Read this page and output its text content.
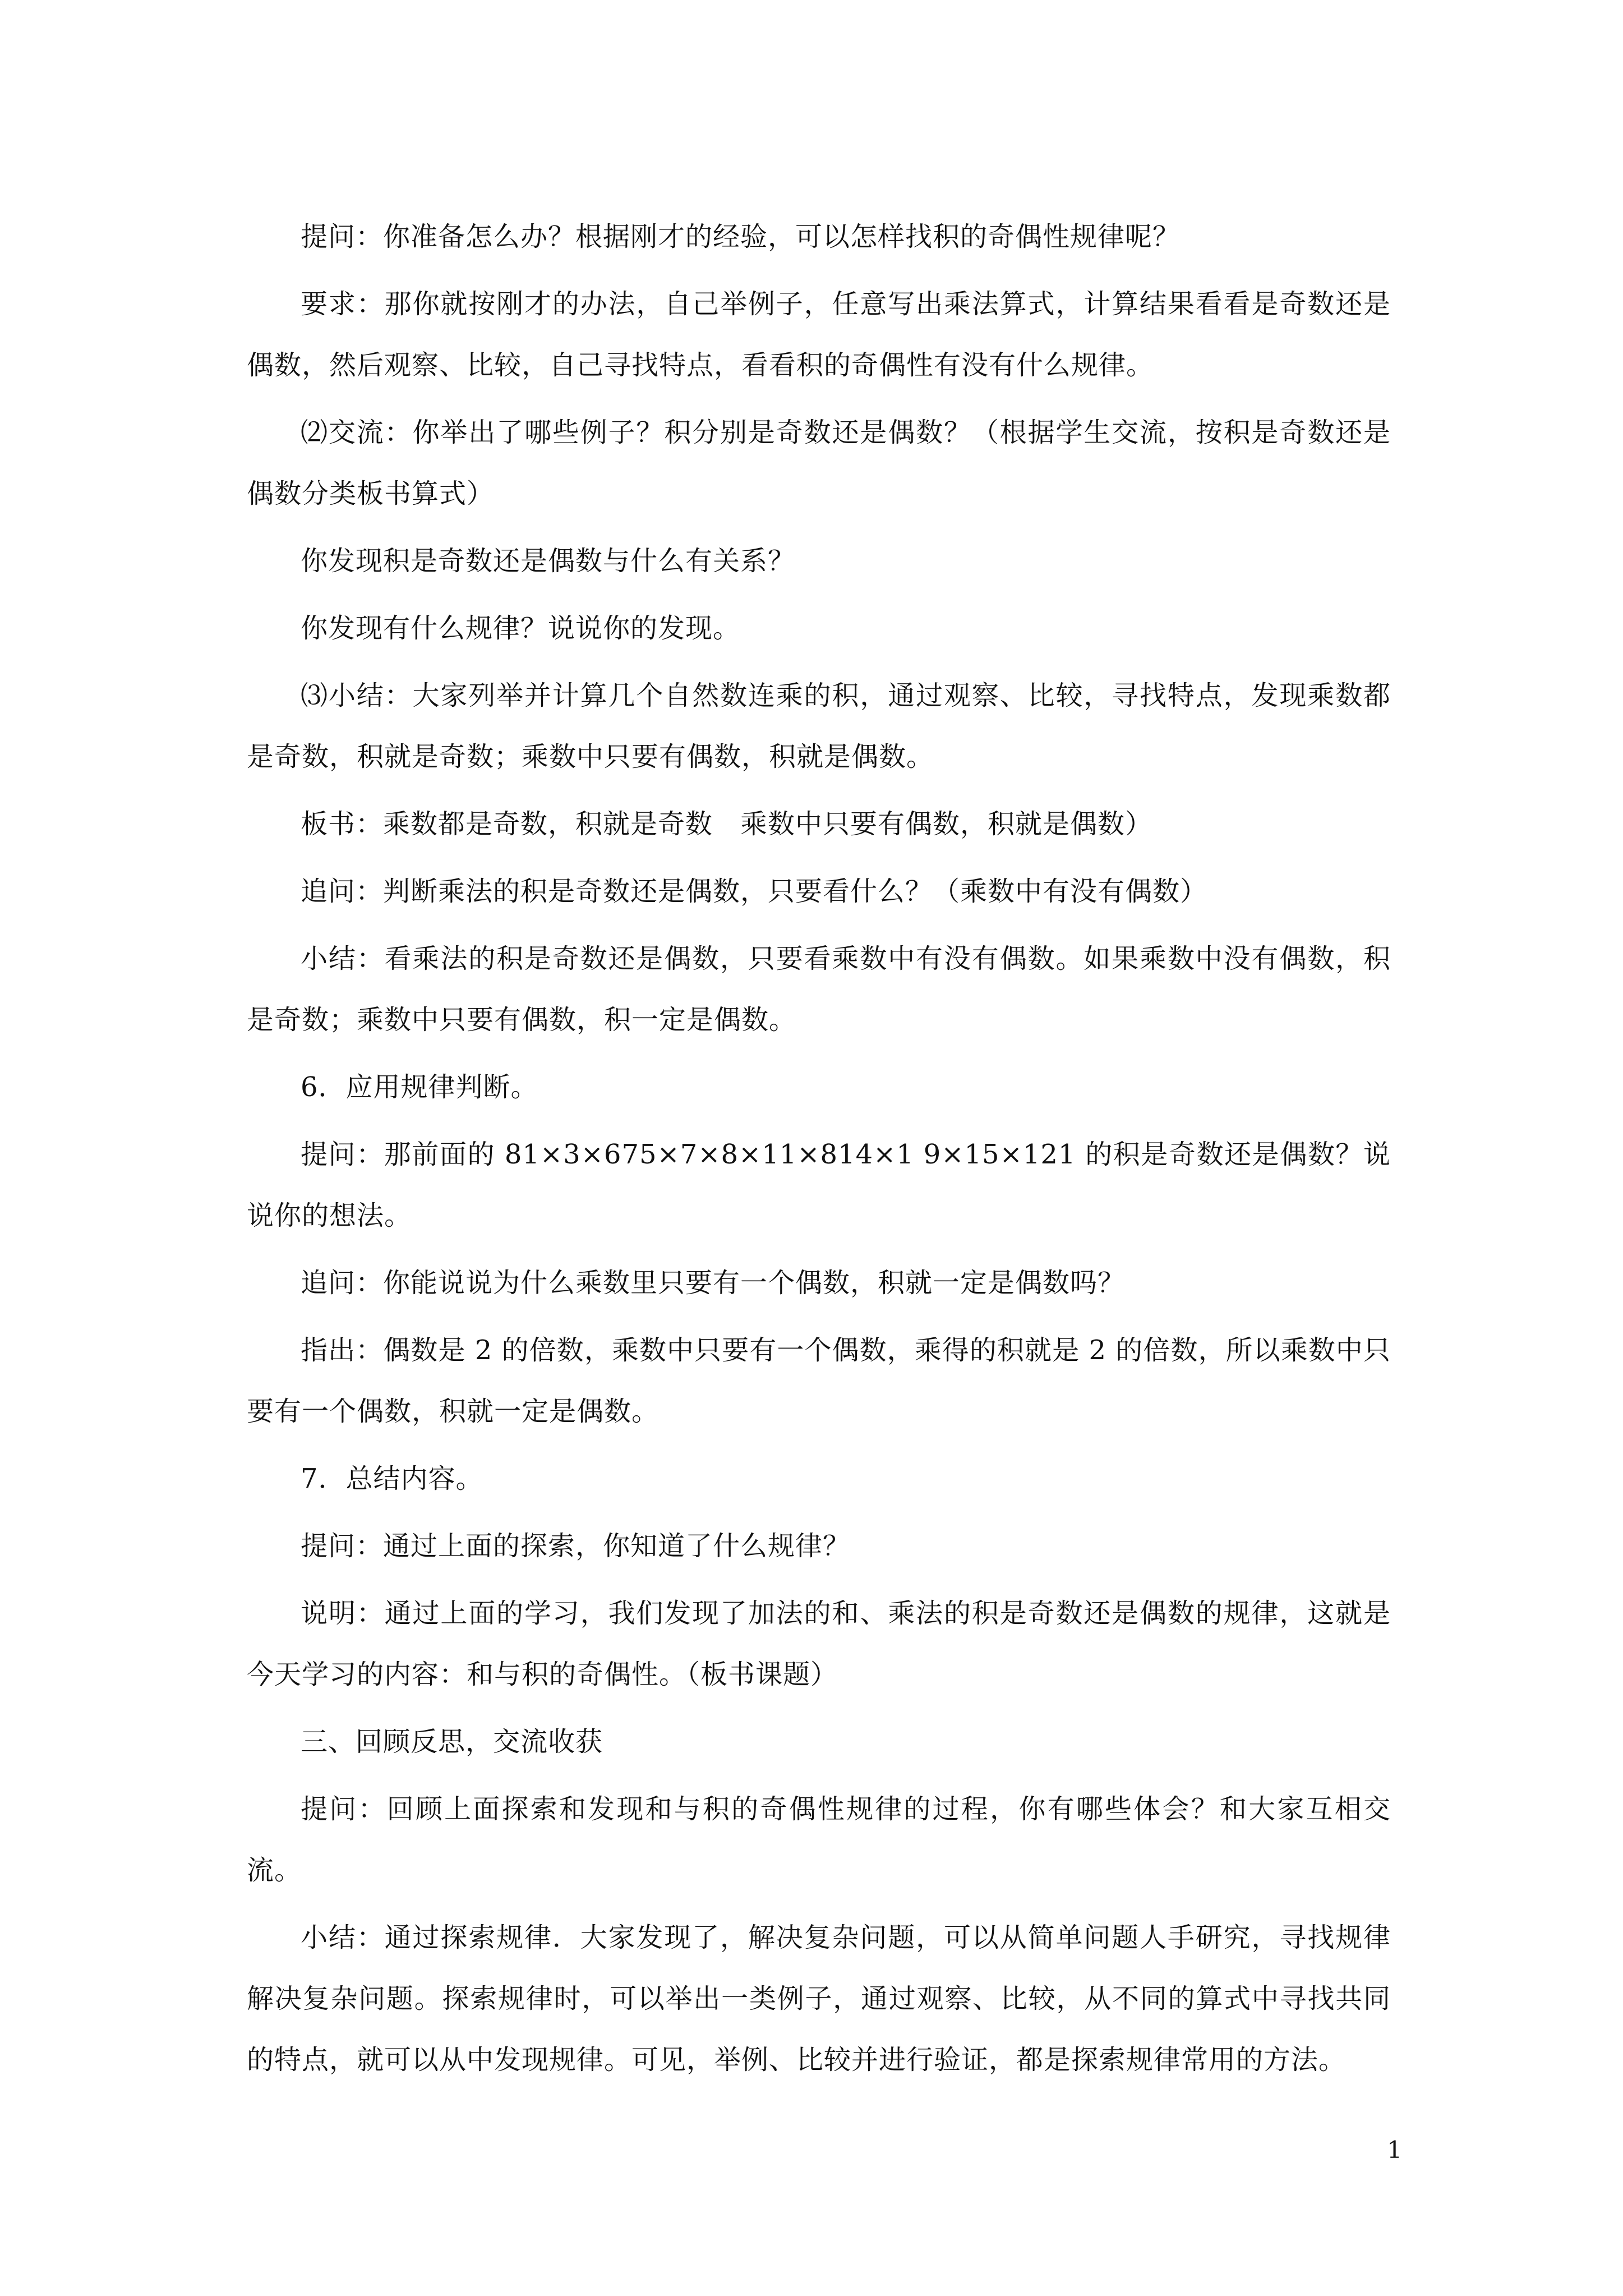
提问：你准备怎么办？根据刚才的经验，可以怎样找积的奇偶性规律呢？

要求：那你就按刚才的办法，自己举例子，任意写出乘法算式，计算结果看看是奇数还是偶数，然后观察、比较，自己寻找特点，看看积的奇偶性有没有什么规律。

⑵交流：你举出了哪些例子？积分别是奇数还是偶数？（根据学生交流，按积是奇数还是偶数分类板书算式）

你发现积是奇数还是偶数与什么有关系？

你发现有什么规律？说说你的发现。

⑶小结：大家列举并计算几个自然数连乘的积，通过观察、比较，寻找特点，发现乘数都是奇数，积就是奇数；乘数中只要有偶数，积就是偶数。

板书：乘数都是奇数，积就是奇数　乘数中只要有偶数，积就是偶数）

追问：判断乘法的积是奇数还是偶数，只要看什么？（乘数中有没有偶数）

小结：看乘法的积是奇数还是偶数，只要看乘数中有没有偶数。如果乘数中没有偶数，积是奇数；乘数中只要有偶数，积一定是偶数。

6．应用规律判断。

提问：那前面的 81×3×675×7×8×11×814×1 9×15×121 的积是奇数还是偶数？说说你的想法。

追问：你能说说为什么乘数里只要有一个偶数，积就一定是偶数吗？

指出：偶数是 2 的倍数，乘数中只要有一个偶数，乘得的积就是 2 的倍数，所以乘数中只要有一个偶数，积就一定是偶数。

7．总结内容。

提问：通过上面的探索，你知道了什么规律？

说明：通过上面的学习，我们发现了加法的和、乘法的积是奇数还是偶数的规律，这就是今天学习的内容：和与积的奇偶性。（板书课题）

三、回顾反思，交流收获

提问：回顾上面探索和发现和与积的奇偶性规律的过程，你有哪些体会？和大家互相交流。

小结：通过探索规律．大家发现了，解决复杂问题，可以从简单问题人手研究，寻找规律解决复杂问题。探索规律时，可以举出一类例子，通过观察、比较，从不同的算式中寻找共同的特点，就可以从中发现规律。可见，举例、比较并进行验证，都是探索规律常用的方法。

1
